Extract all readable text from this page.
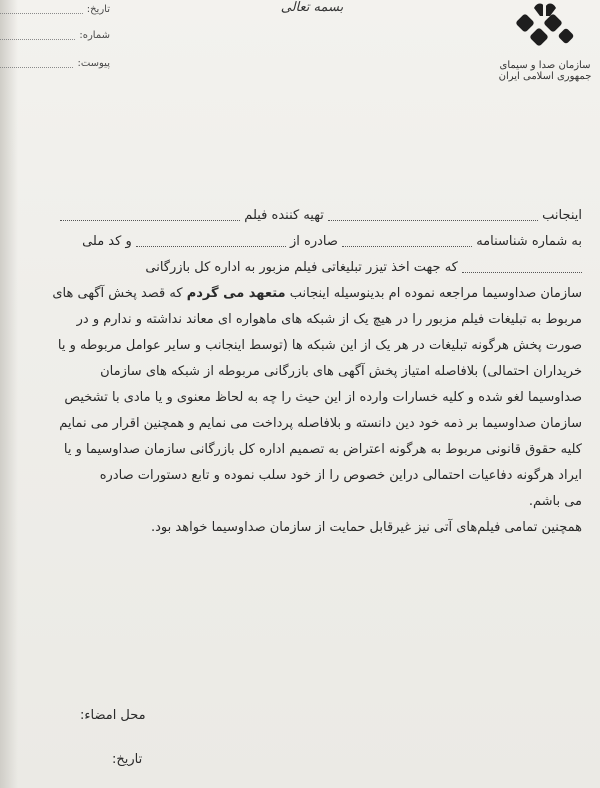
تاریخ:
شماره:
پیوست:
بسمه تعالی
سازمان صدا و سیمای جمهوری اسلامی ایران
اینجانب  تهیه کننده فیلم
به شماره شناسنامه  صادره از  و کد ملی
که جهت اخذ تیزر تبلیغاتی فیلم مزبور به اداره کل بازرگانی
سازمان صداوسیما مراجعه نموده ام بدینوسیله اینجانب متعهد می گردم که قصد پخش آگهی های
مربوط به تبلیغات فیلم مزبور را در هیچ یک از شبکه های ماهواره ای معاند نداشته و ندارم و در
صورت پخش هرگونه تبلیغات در هر یک از این شبکه ها (توسط اینجانب و سایر عوامل مربوطه و یا
خریداران احتمالی) بلافاصله امتیاز پخش آگهی های بازرگانی مربوطه از شبکه های سازمان
صداوسیما لغو شده و کلیه خسارات وارده از این حیث را چه به لحاظ معنوی و یا مادی با تشخیص
سازمان صداوسیما بر ذمه خود دین دانسته و بلافاصله پرداخت می نمایم و همچنین اقرار می نمایم
کلیه حقوق قانونی مربوط به هرگونه اعتراض به تصمیم اداره کل بازرگانی سازمان صداوسیما و یا
ایراد هرگونه دفاعیات احتمالی دراین خصوص را از خود سلب نموده و تابع دستورات صادره
می باشم.
همچنین تمامی فیلم‌های آتی نیز غیرقابل حمایت از سازمان صداوسیما خواهد بود.
محل امضاء:
تاریخ:
